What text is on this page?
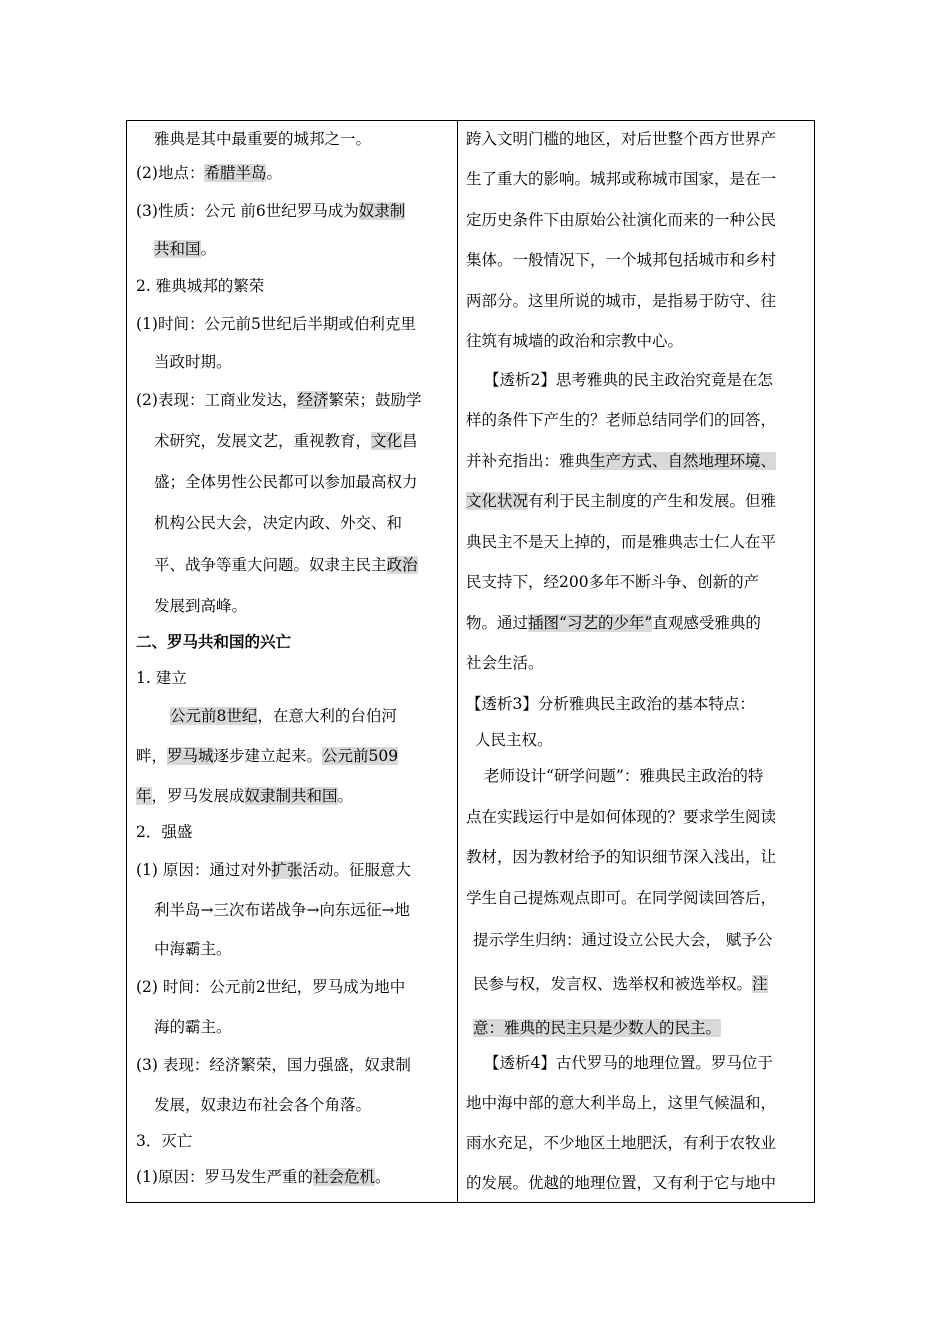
雅典是其中最重要的城邦之一。
(2)地点：希腊半岛。
(3)性质：公元 前6世纪罗马成为奴隶制
共和国。
2. 雅典城邦的繁荣
(1)时间：公元前5世纪后半期或伯利克里
当政时期。
(2)表现：工商业发达，经济繁荣；鼓励学
术研究，发展文艺，重视教育，文化昌
盛；全体男性公民都可以参加最高权力
机构公民大会，决定内政、外交、和
平、战争等重大问题。奴隶主民主政治
发展到高峰。
二、罗马共和国的兴亡
1. 建立
公元前8世纪，在意大利的台伯河
畔，罗马城逐步建立起来。公元前509
年，罗马发展成奴隶制共和国。
2．强盛
(1) 原因：通过对外扩张活动。征服意大
利半岛→三次布诺战争→向东远征→地
中海霸主。
(2) 时间：公元前2世纪，罗马成为地中
海的霸主。
(3) 表现：经济繁荣，国力强盛，奴隶制
发展，奴隶边布社会各个角落。
3．灭亡
(1)原因：罗马发生严重的社会危机。
跨入文明门槛的地区，对后世整个西方世界产
生了重大的影响。城邦或称城市国家，是在一
定历史条件下由原始公社演化而来的一种公民
集体。一般情况下，一个城邦包括城市和乡村
两部分。这里所说的城市，是指易于防守、往
往筑有城墙的政治和宗教中心。
【透析2】思考雅典的民主政治究竟是在怎
样的条件下产生的？老师总结同学们的回答，
并补充指出：雅典生产方式、自然地理环境、
文化状况有利于民主制度的产生和发展。但雅
典民主不是天上掉的，而是雅典志士仁人在平
民支持下，经200多年不断斗争、创新的产
物。通过插图“习艺的少年”直观感受雅典的
社会生活。
【透析3】分析雅典民主政治的基本特点：
人民主权。
老师设计“研学问题”：雅典民主政治的特
点在实践运行中是如何体现的？要求学生阅读
教材，因为教材给予的知识细节深入浅出，让
学生自己提炼观点即可。在同学阅读回答后，
提示学生归纳：通过设立公民大会， 赋予公
民参与权，发言权、选举权和被选举权。注
意：雅典的民主只是少数人的民主。
【透析4】古代罗马的地理位置。罗马位于
地中海中部的意大利半岛上，这里气候温和，
雨水充足，不少地区土地肥沃，有利于农牧业
的发展。优越的地理位置，又有利于它与地中
